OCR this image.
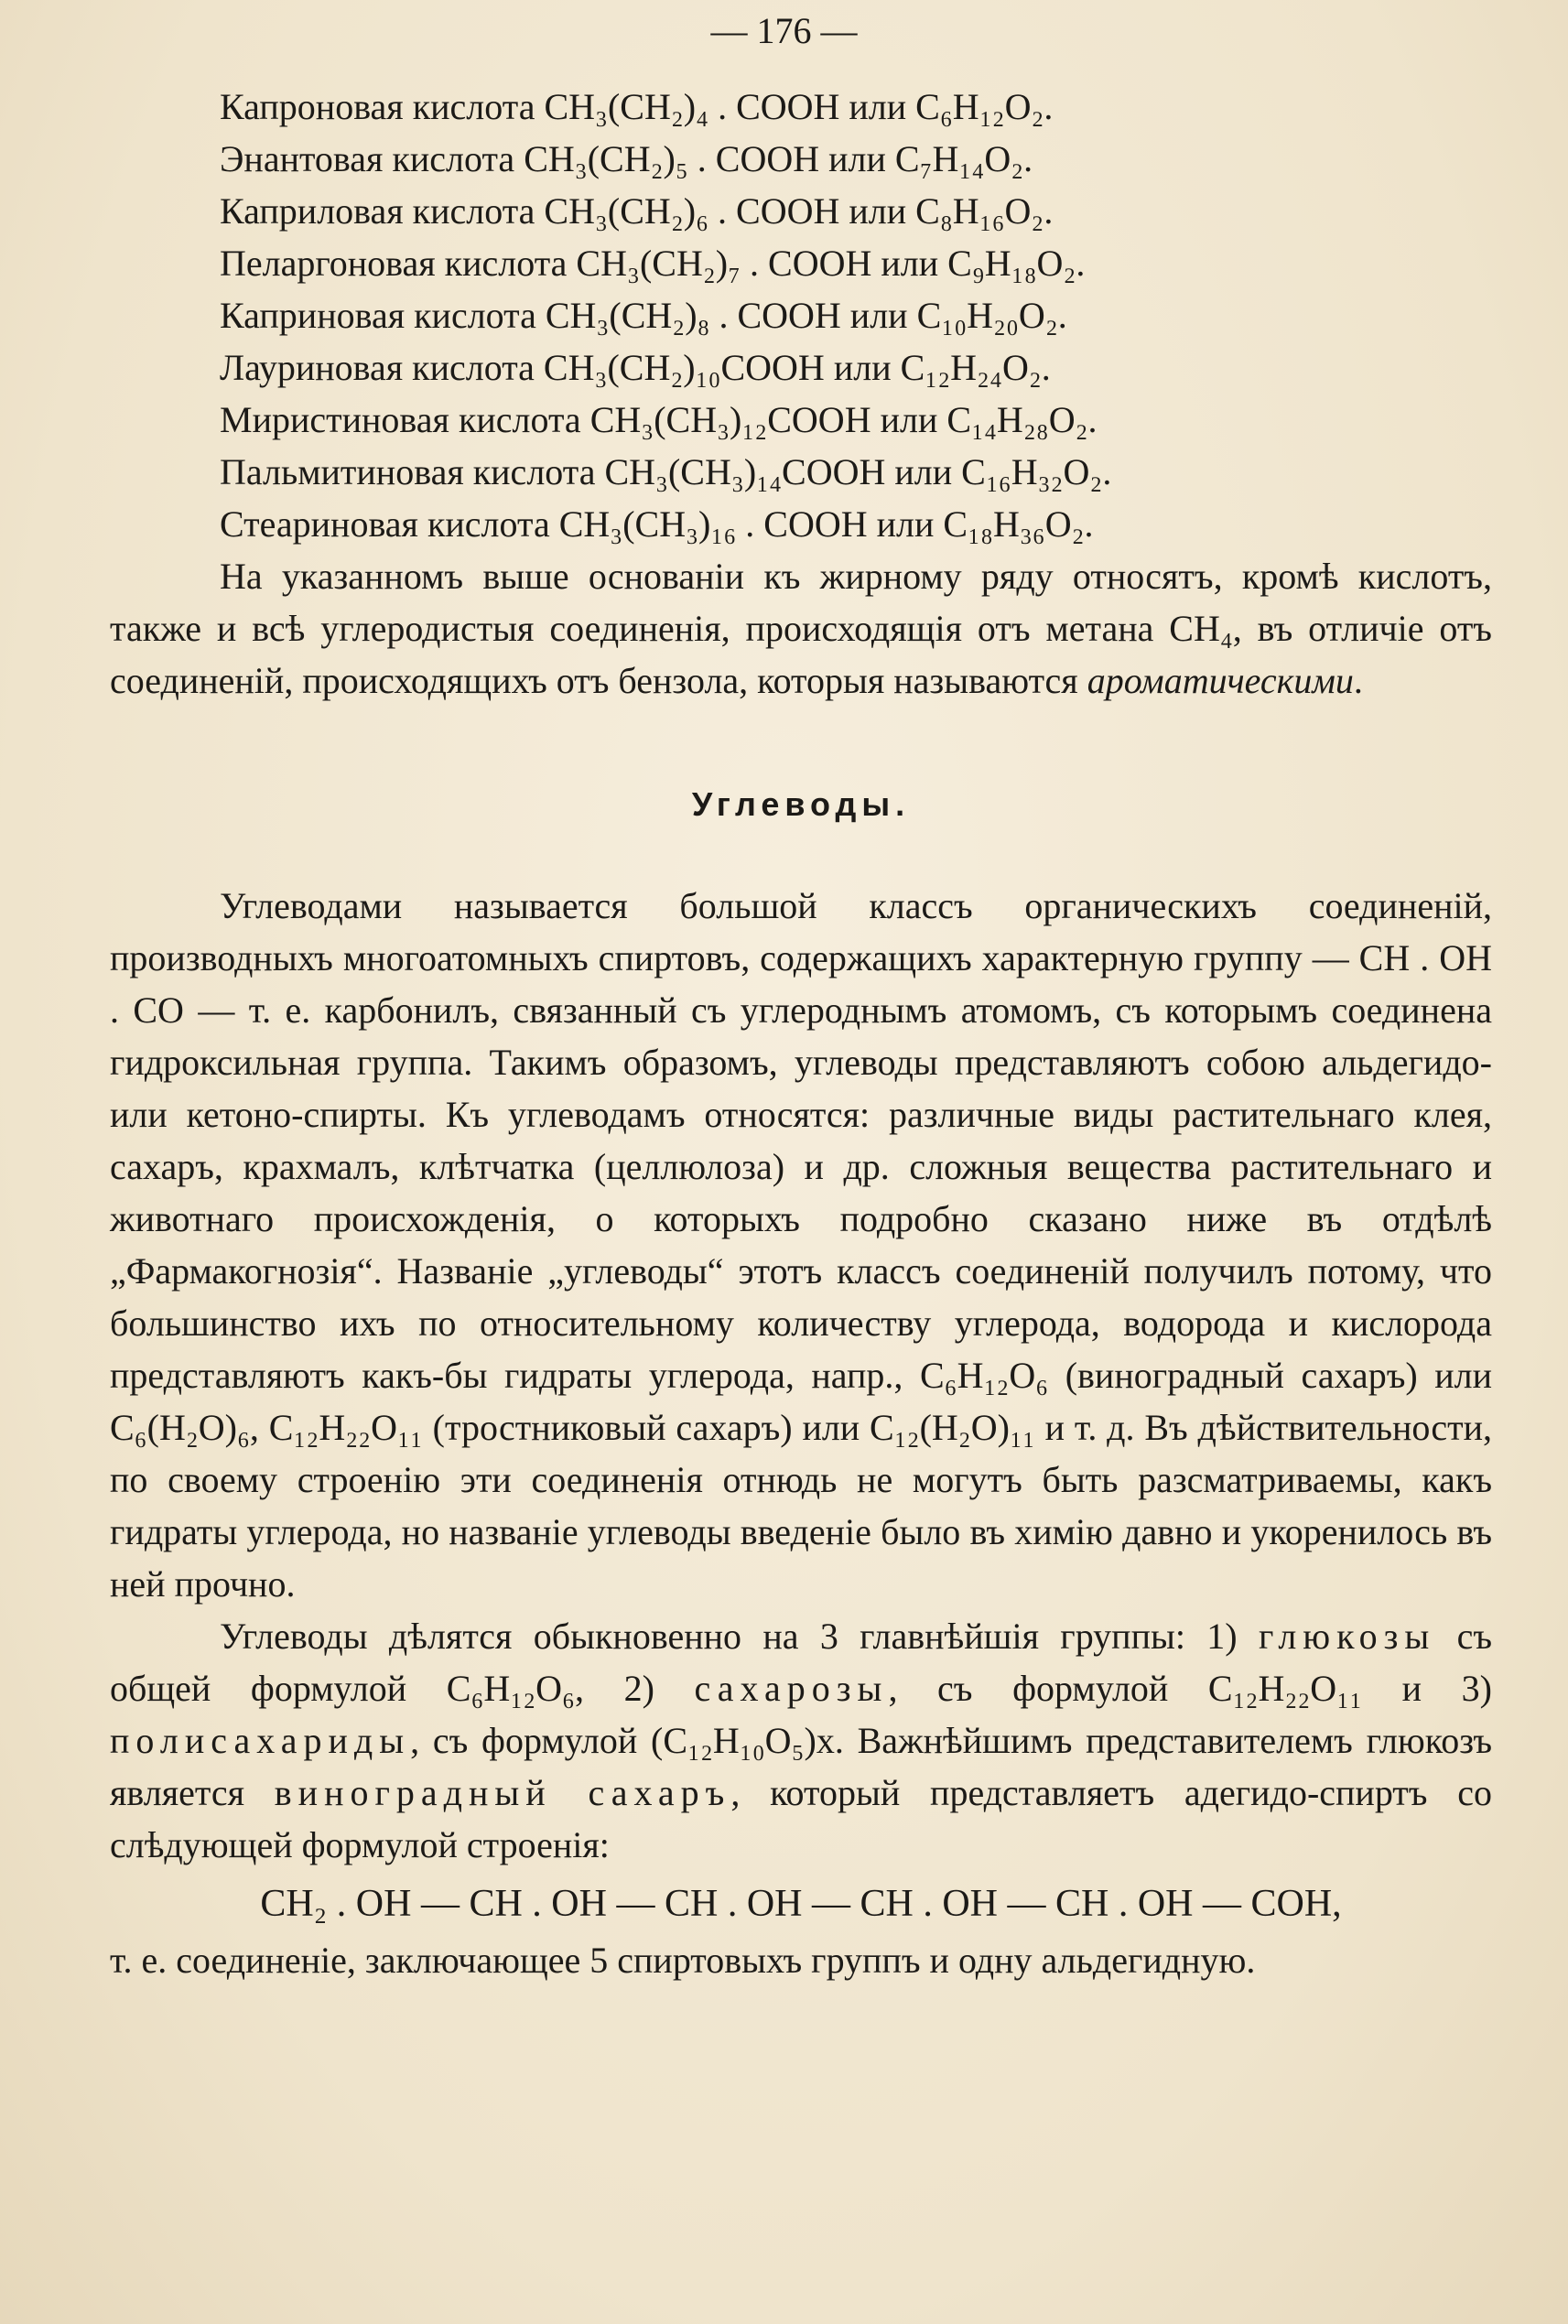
— 176 —
Капроновая кислота CH₃(CH₂)₄ . COOH или C₆H₁₂O₂.
Энантовая кислота CH₃(CH₂)₅ . COOH или C₇H₁₄O₂.
Каприловая кислота CH₃(CH₂)₆ . COOH или C₈H₁₆O₂.
Пеларгоновая кислота CH₃(CH₂)₇ . COOH или C₉H₁₈O₂.
Каприновая кислота CH₃(CH₂)₈ . COOH или C₁₀H₂₀O₂.
Лауриновая кислота CH₃(CH₂)₁₀COOH или C₁₂H₂₄O₂.
Миристиновая кислота CH₃(CH₃)₁₂COOH или C₁₄H₂₈O₂.
Пальмитиновая кислота CH₃(CH₃)₁₄COOH или C₁₆H₃₂O₂.
Стеариновая кислота CH₃(CH₃)₁₆ . COOH или C₁₈H₃₆O₂.

На указанномъ выше основанiи къ жирному ряду относятъ, кромѣ кислотъ, также и всѣ углеродистыя соединенiя, происходящiя отъ метана CH₄, въ отличiе отъ соединенiй, происходящихъ отъ бензола, которыя называются ароматическими.

Углеводы.

Углеводами называется большой классъ органическихъ соединенiй, производныхъ многоатомныхъ спиртовъ, содержащихъ характерную группу — CH . OH . CO — т. е. карбонилъ, связанный съ углероднымъ атомомъ, съ которымъ соединена гидроксильная группа. Такимъ образомъ, углеводы представляютъ собою альдегидо-или кетоно-спирты. Къ углеводамъ относятся: различные виды растительнаго клея, сахаръ, крахмалъ, клѣтчатка (целлюлоза) и др. сложныя вещества растительнаго и животнаго происхожденiя, о которыхъ подробно сказано ниже въ отдѣлѣ „Фармакогнозiя“. Названiе „углеводы“ этотъ классъ соединенiй получилъ потому, что большинство ихъ по относительному количеству углерода, водорода и кислорода представляютъ какъ-бы гидраты углерода, напр., C₆H₁₂O₆ (виноградный сахаръ) или C₆(H₂O)₆, C₁₂H₂₂O₁₁ (тростниковый сахаръ) или C₁₂(H₂O)₁₁ и т. д. Въ дѣйствительности, по своему строенiю эти соединенiя отнюдь не могутъ быть разсматриваемы, какъ гидраты углерода, но названiе углеводы введенiе было въ химiю давно и укоренилось въ ней прочно.

Углеводы дѣлятся обыкновенно на 3 главнѣйшiя группы: 1) глюкозы съ общей формулой C₆H₁₂O₆, 2) сахарозы, съ формулой C₁₂H₂₂O₁₁ и 3) полисахариды, съ формулой (C₁₂H₁₀O₅)x. Важнѣйшимъ представителемъ глюкозъ является виноградный сахаръ, который представляетъ адегидо-спиртъ со слѣдующей формулой строенiя:

CH₂ . OH — CH . OH — CH . OH — CH . OH — CH . OH — COH,

т. е. соединенiе, заключающее 5 спиртовыхъ группъ и одну альдегидную.
